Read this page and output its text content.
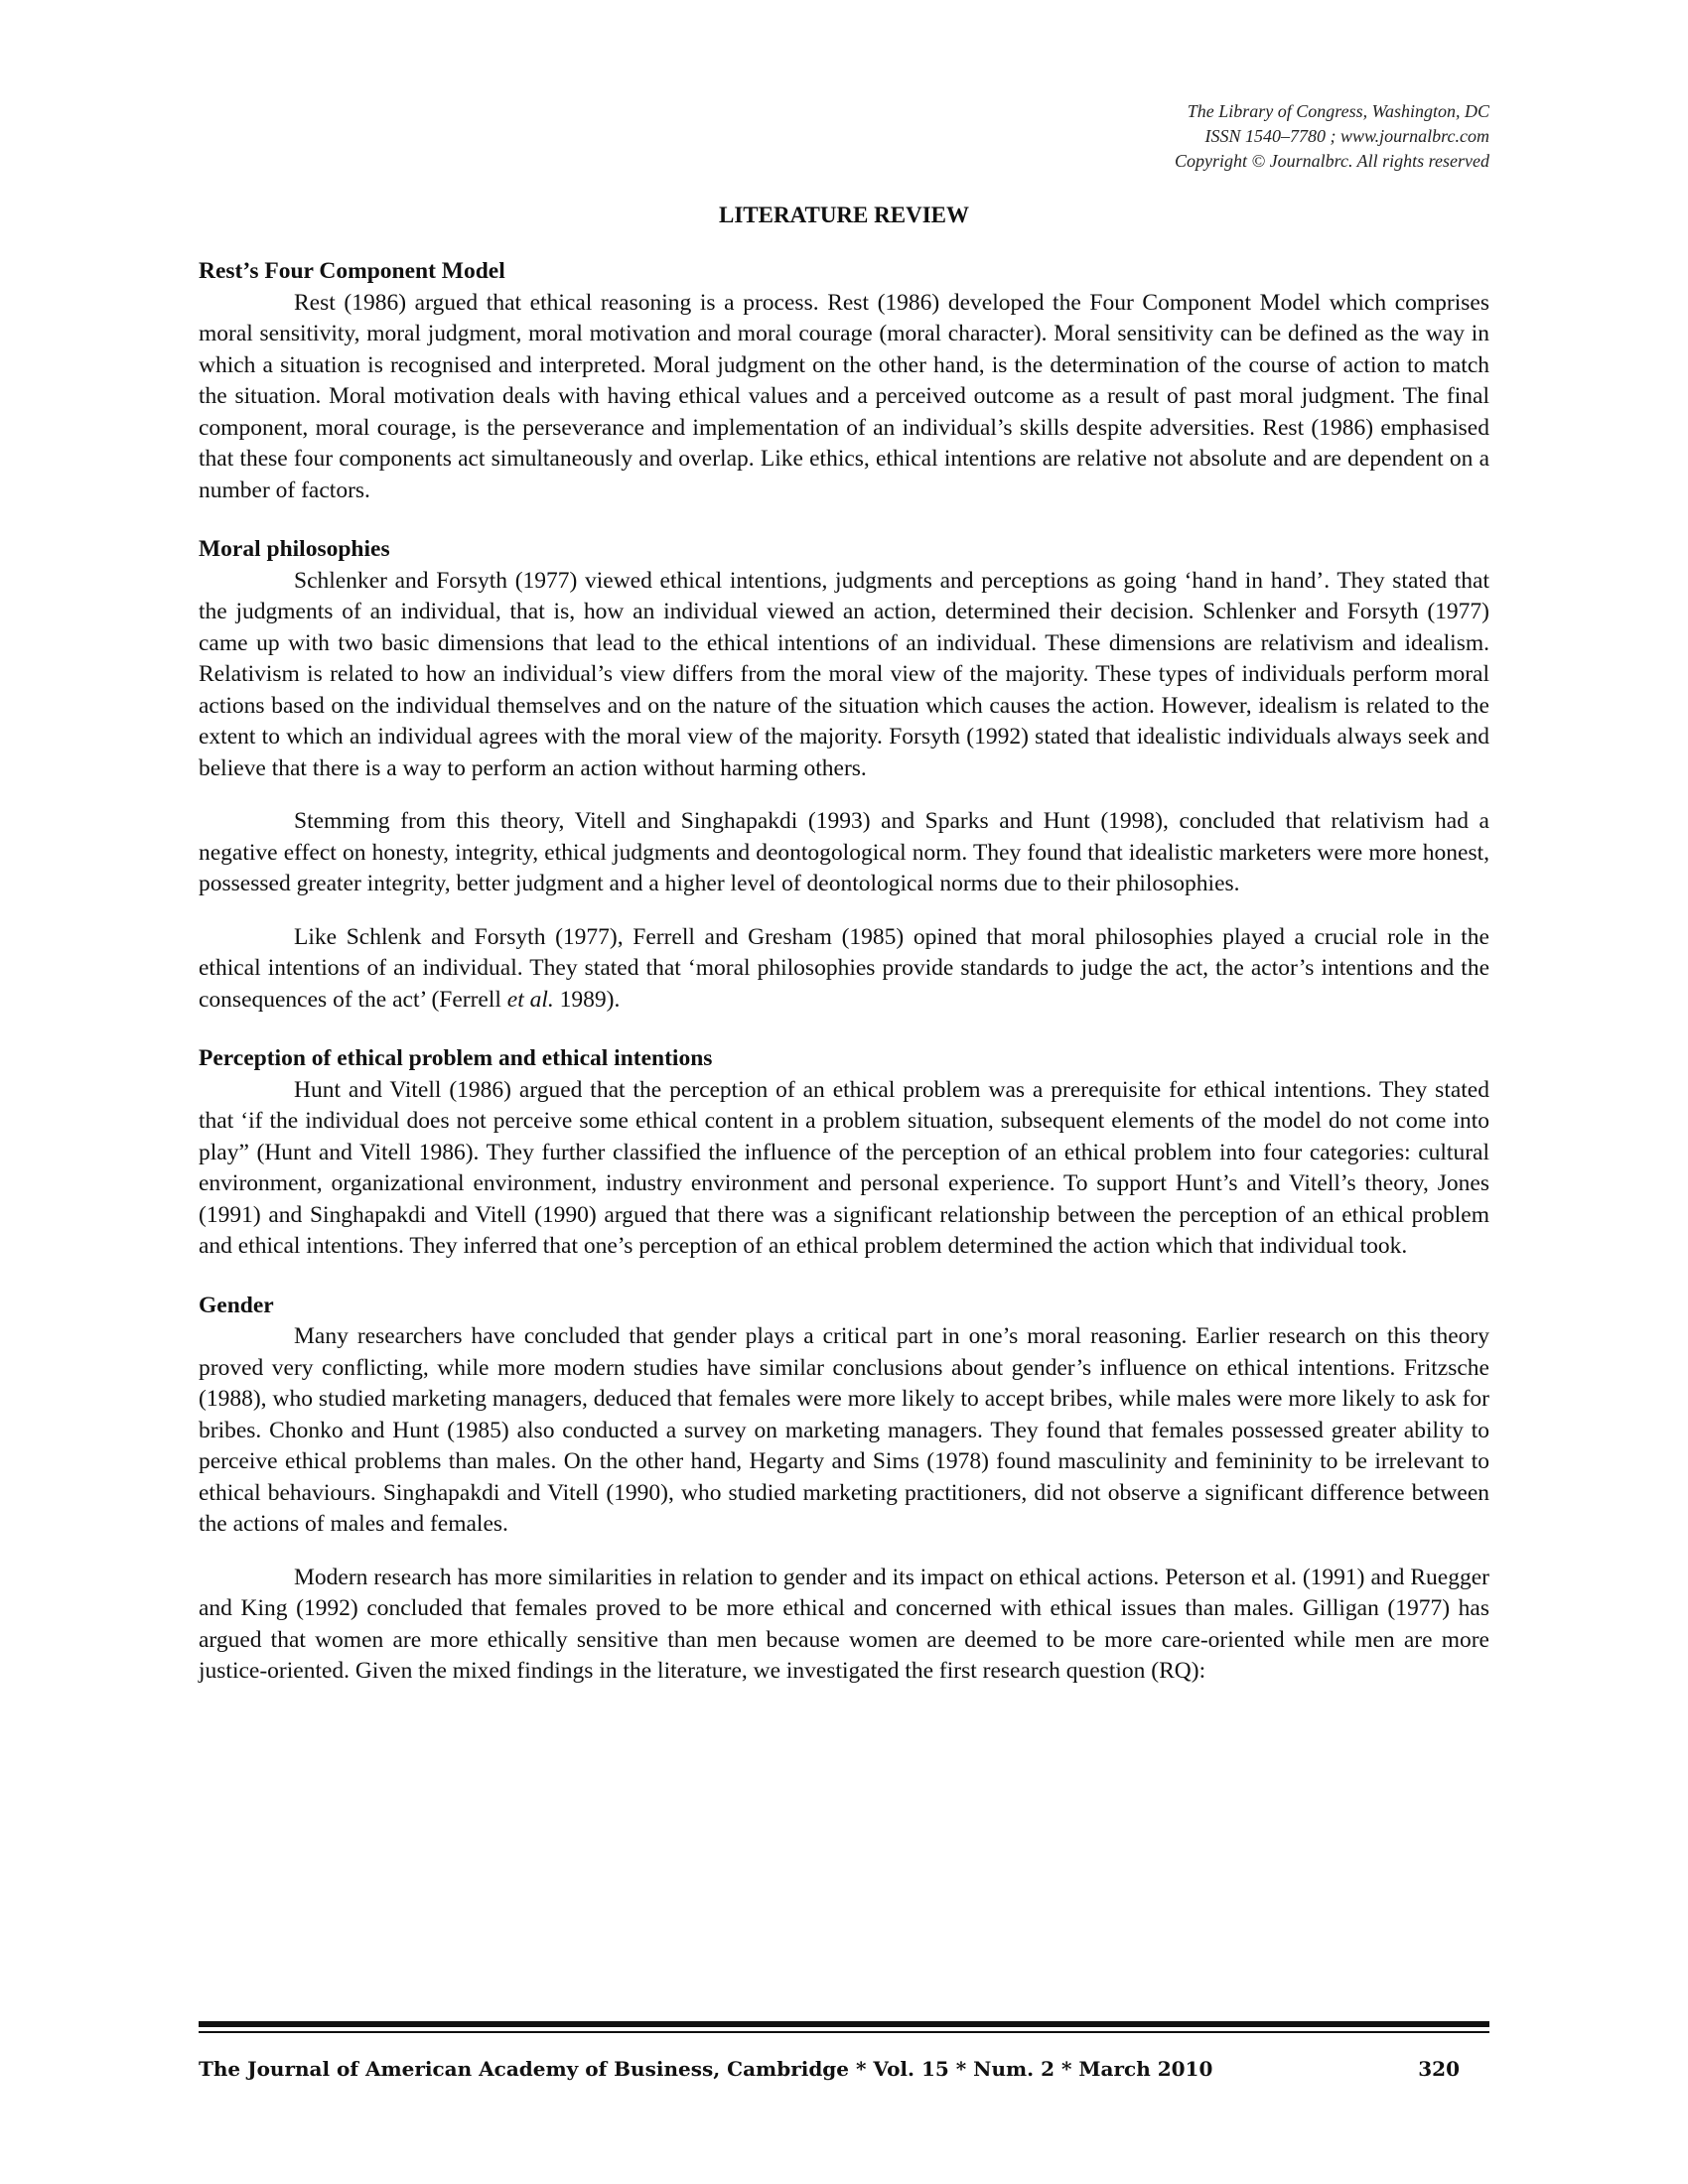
The Library of Congress, Washington, DC
ISSN 1540–7780 ; www.journalbrc.com
Copyright © Journalbrc. All rights reserved
LITERATURE REVIEW
Rest’s Four Component Model

Rest (1986) argued that ethical reasoning is a process. Rest (1986) developed the Four Component Model which comprises moral sensitivity, moral judgment, moral motivation and moral courage (moral character). Moral sensitivity can be defined as the way in which a situation is recognised and interpreted. Moral judgment on the other hand, is the determination of the course of action to match the situation. Moral motivation deals with having ethical values and a perceived outcome as a result of past moral judgment. The final component, moral courage, is the perseverance and implementation of an individual’s skills despite adversities. Rest (1986) emphasised that these four components act simultaneously and overlap. Like ethics, ethical intentions are relative not absolute and are dependent on a number of factors.

Moral philosophies

Schlenker and Forsyth (1977) viewed ethical intentions, judgments and perceptions as going ‘hand in hand’. They stated that the judgments of an individual, that is, how an individual viewed an action, determined their decision. Schlenker and Forsyth (1977) came up with two basic dimensions that lead to the ethical intentions of an individual. These dimensions are relativism and idealism. Relativism is related to how an individual’s view differs from the moral view of the majority. These types of individuals perform moral actions based on the individual themselves and on the nature of the situation which causes the action. However, idealism is related to the extent to which an individual agrees with the moral view of the majority. Forsyth (1992) stated that idealistic individuals always seek and believe that there is a way to perform an action without harming others.

Stemming from this theory, Vitell and Singhapakdi (1993) and Sparks and Hunt (1998), concluded that relativism had a negative effect on honesty, integrity, ethical judgments and deontogological norm. They found that idealistic marketers were more honest, possessed greater integrity, better judgment and a higher level of deontological norms due to their philosophies.

Like Schlenk and Forsyth (1977), Ferrell and Gresham (1985) opined that moral philosophies played a crucial role in the ethical intentions of an individual. They stated that ‘moral philosophies provide standards to judge the act, the actor’s intentions and the consequences of the act’ (Ferrell et al. 1989).

Perception of ethical problem and ethical intentions

Hunt and Vitell (1986) argued that the perception of an ethical problem was a prerequisite for ethical intentions. They stated that ‘if the individual does not perceive some ethical content in a problem situation, subsequent elements of the model do not come into play” (Hunt and Vitell 1986). They further classified the influence of the perception of an ethical problem into four categories: cultural environment, organizational environment, industry environment and personal experience. To support Hunt’s and Vitell’s theory, Jones (1991) and Singhapakdi and Vitell (1990) argued that there was a significant relationship between the perception of an ethical problem and ethical intentions. They inferred that one’s perception of an ethical problem determined the action which that individual took.

Gender

Many researchers have concluded that gender plays a critical part in one’s moral reasoning. Earlier research on this theory proved very conflicting, while more modern studies have similar conclusions about gender’s influence on ethical intentions. Fritzsche (1988), who studied marketing managers, deduced that females were more likely to accept bribes, while males were more likely to ask for bribes. Chonko and Hunt (1985) also conducted a survey on marketing managers. They found that females possessed greater ability to perceive ethical problems than males. On the other hand, Hegarty and Sims (1978) found masculinity and femininity to be irrelevant to ethical behaviours. Singhapakdi and Vitell (1990), who studied marketing practitioners, did not observe a significant difference between the actions of males and females.

Modern research has more similarities in relation to gender and its impact on ethical actions. Peterson et al. (1991) and Ruegger and King (1992) concluded that females proved to be more ethical and concerned with ethical issues than males. Gilligan (1977) has argued that women are more ethically sensitive than men because women are deemed to be more care-oriented while men are more justice-oriented. Given the mixed findings in the literature, we investigated the first research question (RQ):

The Journal of American Academy of Business, Cambridge * Vol. 15 * Num. 2 * March 2010	320
